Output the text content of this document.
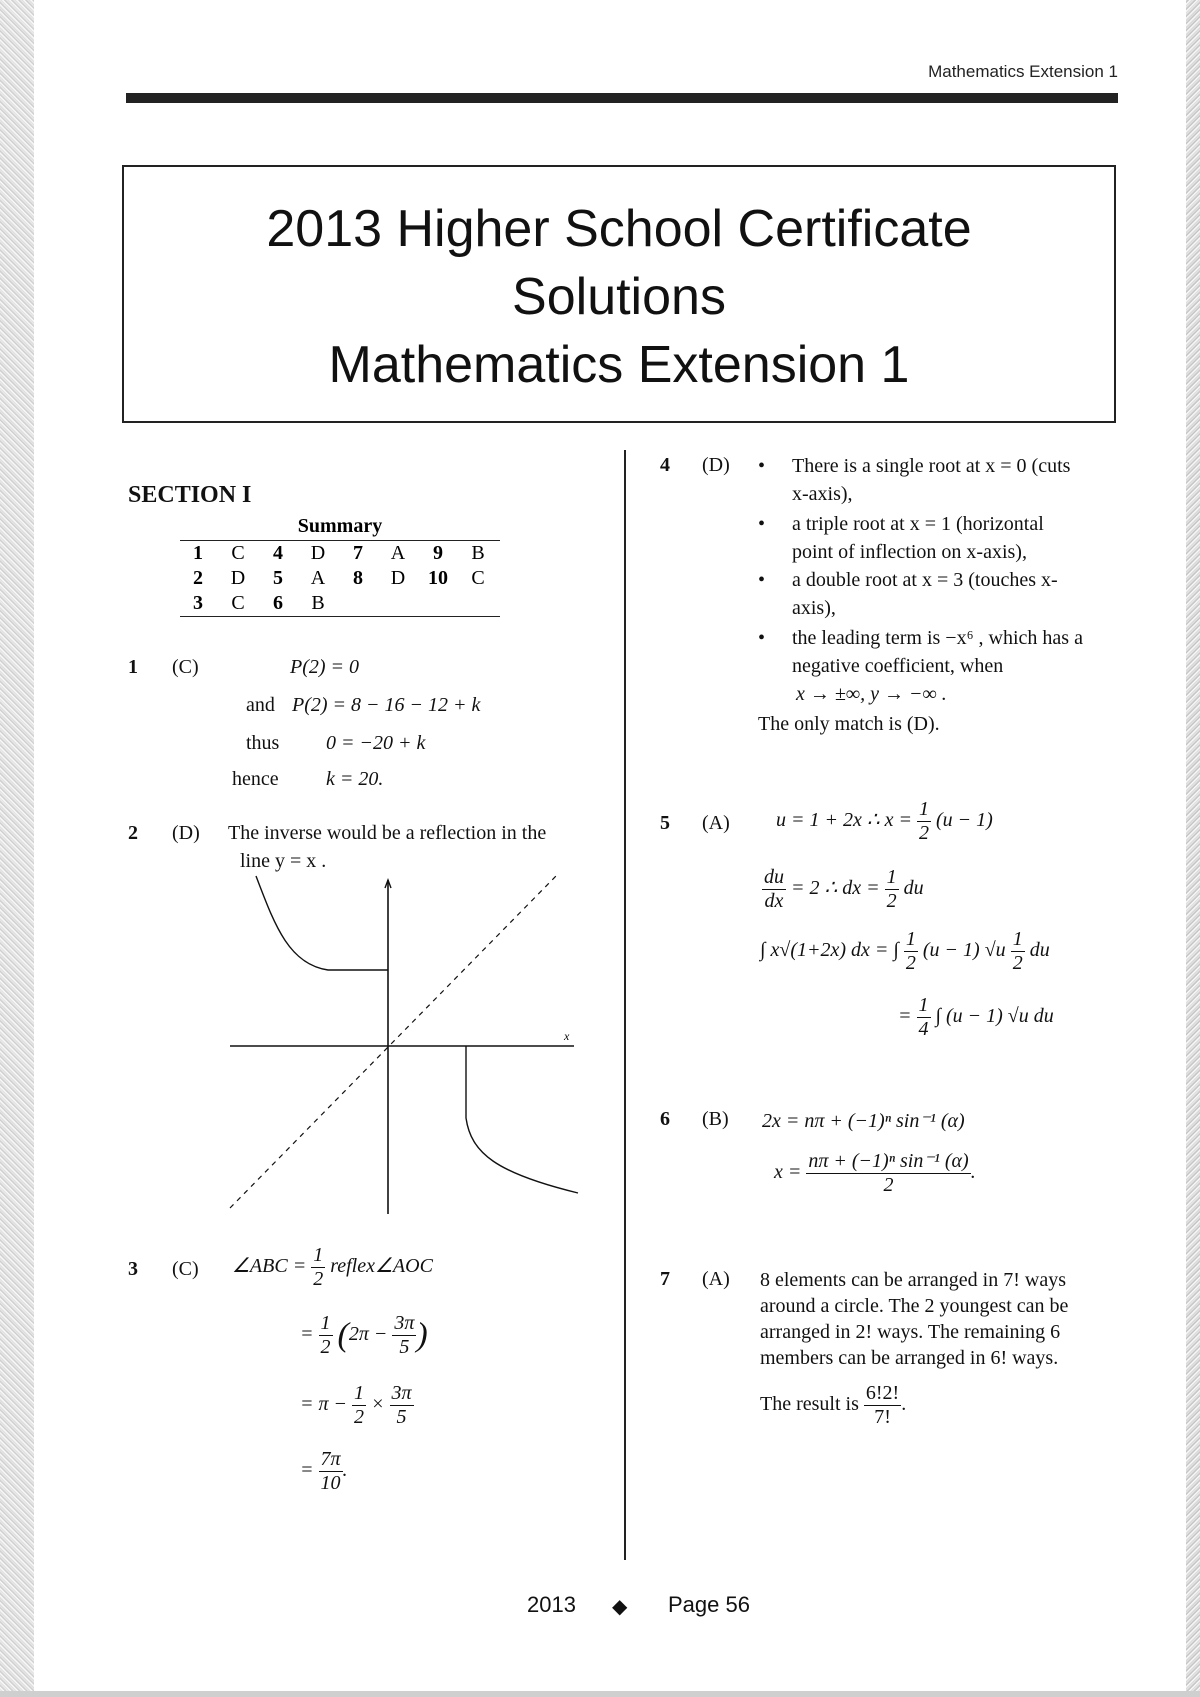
Mathematics Extension 1
2013 Higher School Certificate
Solutions
Mathematics Extension 1
SECTION I
Summary							
1	C	4	D	7	A	9	B
2	D	5	A	8	D	10	C
3	C	6	B				
1 (C)	P(2) = 0
and P(2) = 8 − 16 − 12 + k
thus 0 = −20 + k
hence k = 20.
2 (D) The inverse would be a reflection in the
line y = x .
x
3 (C) ∠ABC = $\frac{1}{2}$ reflex∠AOC
= $\frac{1}{2} (2\pi - \frac{3\pi}{5}$ )
= $\pi - \frac{1}{2} \times \frac{3\pi}{5}$
= $\frac{7\pi}{10}$ .
4 (D) • There is a single root at x = 0 (cuts
x-axis),
• a triple root at x = 1 (horizontal
point of inflection on x-axis),
• a double root at x = 3 (touches x-
axis),
• the leading term is −x⁶ , which has a
negative coefficient, when
x → ±∞, y → −∞ .
The only match is (D).
5 (A) u = 1 + 2x ∴ $x = \frac{1}{2} (u - 1)$
$\frac{du}{dx} = 2$ ∴ dx = $\frac{1}{2}$ du
∫ x√(1+2x) dx = ∫ $\frac{1}{2} (u - 1)$ $√u \frac{1}{2}$ du
= $\frac{1}{4}$ ∫ (u − 1) √u du
6 (B) 2x = nπ + (−1)ⁿ sin⁻¹ (α)
$x = \frac{\text{nπ + (−1)ⁿ sin⁻¹ (α)}}{2}$ .
7 (A) 8 elements can be arranged in 7! ways
around a circle. The 2 youngest can be
arranged in 2! ways. The remaining 6
members can be arranged in 6! ways.
The result is $\frac{6!2!}{7!}$ .
2013 ◆ Page 56
